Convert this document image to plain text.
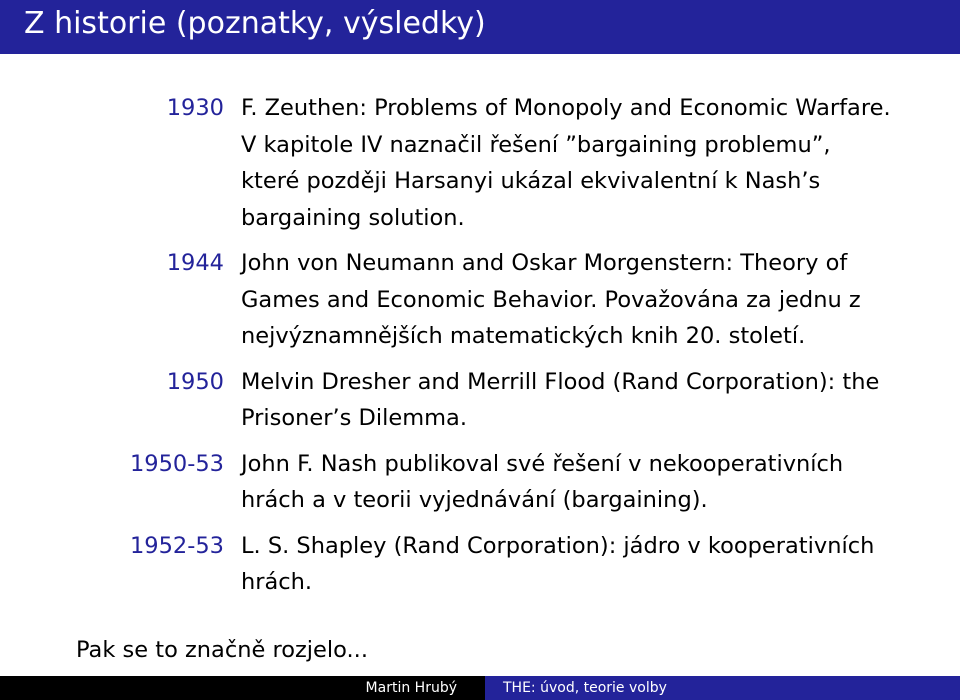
Z historie (poznatky, výsledky)
1930 F. Zeuthen: Problems of Monopoly and Economic Warfare. V kapitole IV naznačil řešení ”bargaining problemu”, které později Harsanyi ukázal ekvivalentní k Nash’s bargaining solution.
1944 John von Neumann and Oskar Morgenstern: Theory of Games and Economic Behavior. Považována za jednu z nejvýznamnějších matematických knih 20. století.
1950 Melvin Dresher and Merrill Flood (Rand Corporation): the Prisoner’s Dilemma.
1950-53 John F. Nash publikoval své řešení v nekooperativních hrách a v teorii vyjednávání (bargaining).
1952-53 L. S. Shapley (Rand Corporation): jádro v kooperativních hrách.
Pak se to značně rozjelo...
Martin Hrubý	THE: úvod, teorie volby
